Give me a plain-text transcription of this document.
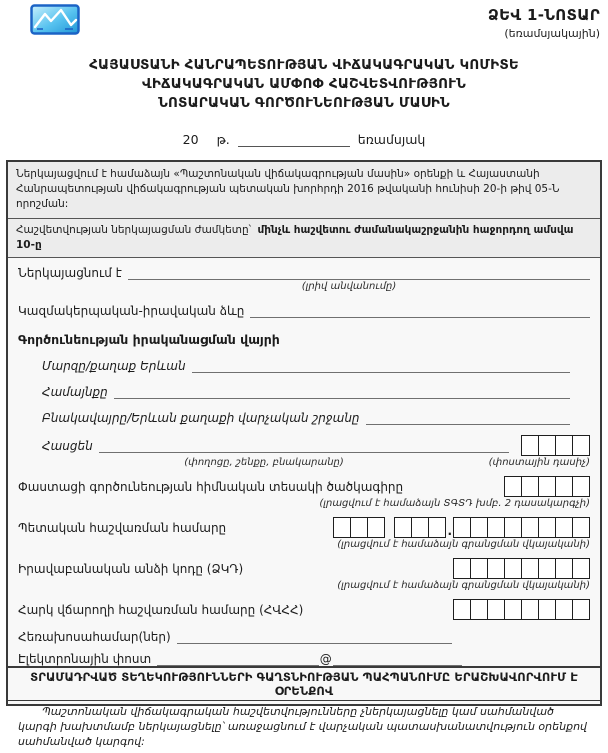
ՁԵՎ 1-ՆՈՏԱՐ
(եռամսյակային)
ՀԱՅԱՍՏԱՆԻ ՀԱՆՐԱՊԵՏՈՒԹՅԱՆ ՎԻՃԱԿԱԳՐԱԿԱՆ ԿՈՄԻՏԵ
ՎԻՃԱԿԱԳՐԱԿԱՆ ԱՄՓՈՓ ՀԱՇՎԵՏՎՈՒԹՅՈՒՆ
ՆՈՏԱՐԱԿԱՆ ԳՈՐԾՈՒՆԵՈՒԹՅԱՆ ՄԱՍԻՆ
20 թ.	եռամսյակ
Ներկայացվում է համաձայն «Պաշտոնական վիճակագրության մասին» օրենքի և Հայաստանի Հանրապետության վիճակագրության պետական խորհրդի 2016 թվականի հունիսի 20-ի թիվ 05-Ն որոշման:
Հաշվետվության ներկայացման ժամկետը՝ մինչև հաշվետու ժամանակաշրջանին հաջորդող ամսվա 10-ը
Ներկայացնում է
(լրիվ անվանումը)
Կազմակերպական-իրավական ձևը
Գործունեության իրականացման վայրի
Մարզը/քաղաք Երևան
Համայնքը
Բնակավայրը/Երևան քաղաքի վարչական շրջանը
Հասցեն
(փողոցը, շենքը, բնակարանը)	(փոստային դասիչ)
Փաստացի գործունեության հիմնական տեսակի ծածկագիրը
(լրացվում է համաձայն ՏԳՏԴ խմբ. 2 դասակարգչի)
Պետական հաշվառման համարը	.
(լրացվում է համաձայն գրանցման վկայականի)
Իրավաբանական անձի կոդը (ՁԿԴ)
(լրացվում է համաձայն գրանցման վկայականի)
Հարկ վճարողի հաշվառման համարը (ՀՎՀՀ)
Հեռախոսահամար(ներ)
Էլեկտրոնային փոստ	@
ՏՐԱՄԱԴՐՎԱԾ ՏԵՂԵԿՈՒԹՅՈՒՆՆԵՐԻ ԳԱՂՏՆԻՈՒԹՅԱՆ ՊԱՀՊԱՆՈՒՄԸ ԵՐԱՇԽԱՎՈՐՎՈՒՄ Է ՕՐԵՆՔՈՎ
Պաշտոնական վիճակագրական հաշվետվությունները չներկայացնելը կամ սահմանված կարգի խախտմամբ ներկայացնելը՝ առաջացնում է վարչական պատասխանատվություն օրենքով սահմանված կարգով:
